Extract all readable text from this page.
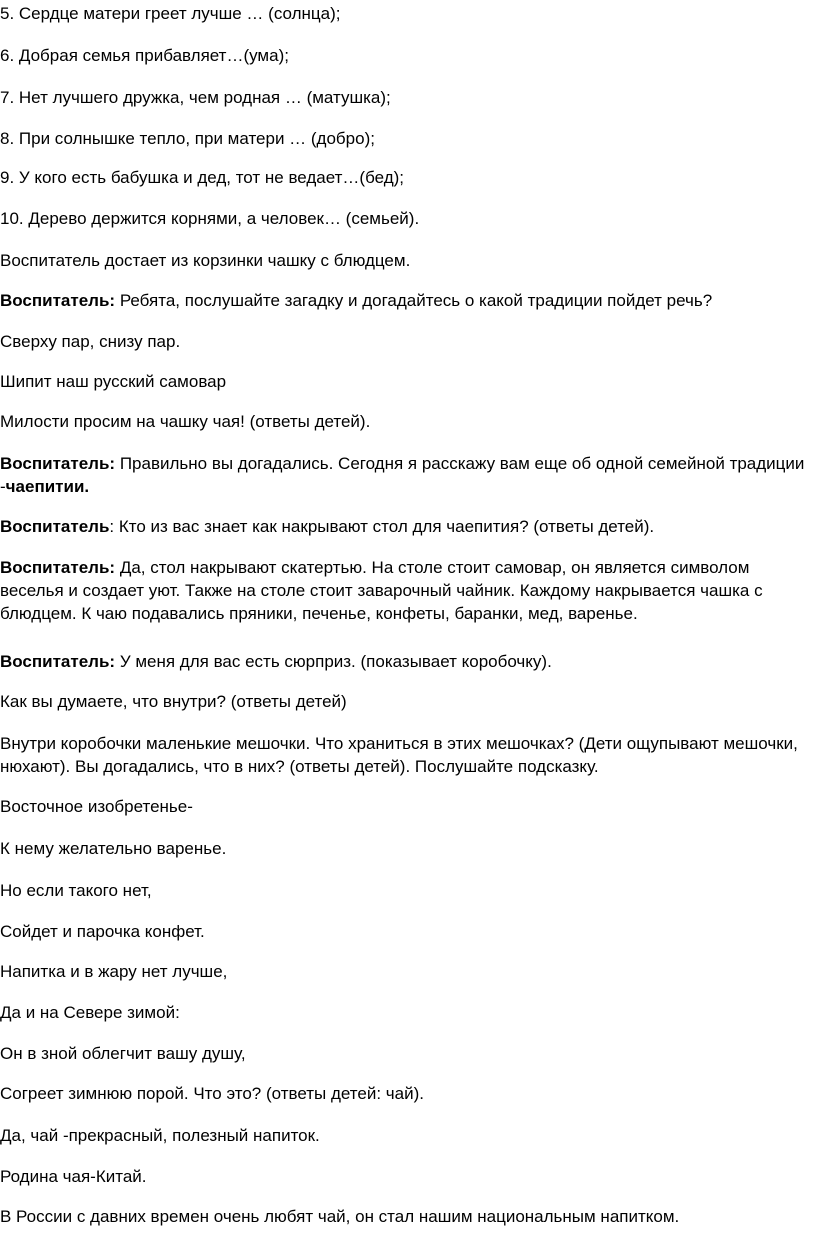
5. Сердце матери греет лучше … (солнца);

6. Добрая семья прибавляет…(ума);

7. Нет лучшего дружка, чем родная … (матушка);

8. При солнышке тепло, при матери … (добро);

9. У кого есть бабушка и дед, тот не ведает…(бед);

10. Дерево держится корнями, а человек… (семьей).

Воспитатель достает из корзинки чашку с блюдцем.

Воспитатель: Ребята, послушайте загадку и догадайтесь о какой традиции пойдет речь?

Сверху пар, снизу пар.

Шипит наш русский самовар

Милости просим на чашку чая! (ответы детей).

Воспитатель: Правильно вы догадались. Сегодня я расскажу вам еще об одной семейной традиции -чаепитии.

Воспитатель: Кто из вас знает как накрывают стол для чаепития? (ответы детей).

Воспитатель: Да, стол накрывают скатертью. На столе стоит самовар, он является символом веселья и создает уют. Также на столе стоит заварочный чайник. Каждому накрывается чашка с блюдцем. К чаю подавались пряники, печенье, конфеты, баранки, мед, варенье.

Воспитатель: У меня для вас есть сюрприз. (показывает коробочку).

Как вы думаете, что внутри? (ответы детей)

Внутри коробочки маленькие мешочки. Что храниться в этих мешочках? (Дети ощупывают мешочки, нюхают). Вы догадались, что в них? (ответы детей). Послушайте подсказку.

Восточное изобретенье-

К нему желательно варенье.

Но если такого нет,

Сойдет и парочка конфет.

Напитка и в жару нет лучше,

Да и на Севере зимой:

Он в зной облегчит вашу душу,

Согреет зимнюю порой. Что это? (ответы детей: чай).

Да, чай -прекрасный, полезный напиток.

Родина чая-Китай.

В России с давних времен очень любят чай, он стал нашим национальным напитком.
